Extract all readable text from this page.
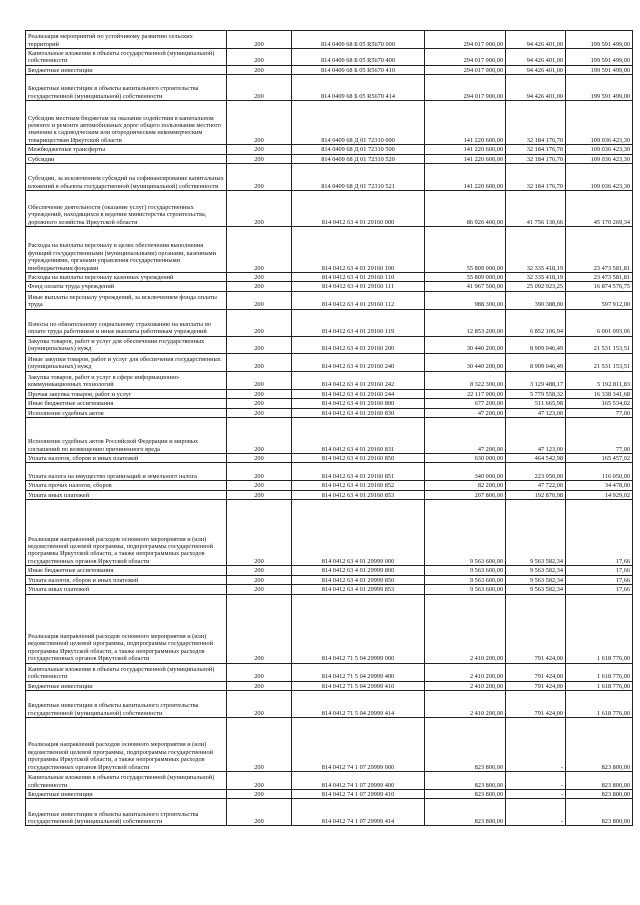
Реализация мероприятий по устойчивому развитию сельских территорий	200	814 0409 68 Б 05 R5670 000	294 017 900,00	94 426 401,00	199 591 499,00

Капитальные вложения в объекты государственной (муниципальной) собственности	200	814 0409 68 Б 05 R5670 400	294 017 900,00	94 426 401,00	199 591 499,00

Бюджетные инвестиции	200	814 0409 68 Б 05 R5670 410	294 017 900,00	94 426 401,00	199 591 499,00

Бюджетные инвестиции в объекты капитального строительства государственной (муниципальной) собственности	200	814 0409 68 Б 05 R5670 414	294 017 900,00	94 426 401,00	199 591 499,00

Субсидия местным бюджетам на оказание содействия в капитальном ремонте и ремонте автомобильных дорог общего пользования местного значения к садоводческим или огородническим некоммерческим товариществам Иркутской области	200	814 0409 68 Д 01 72310 000	141 220 600,00	32 184 176,70	109 036 423,30

Межбюджетные трансферты	200	814 0409 68 Д 01 72310 500	141 220 600,00	32 184 176,70	109 036 423,30

Субсидии	200	814 0409 68 Д 01 72310 520	141 220 600,00	32 184 176,70	109 036 423,30

Субсидии, за исключением субсидий на софинансирование капитальных вложений в объекты государственной (муниципальной) собственности	200	814 0409 68 Д 01 72310 521	141 220 600,00	32 184 176,70	109 036 423,30

Обеспечение деятельности (оказание услуг) государственных учреждений, находящихся в ведении министерства строительства, дорожного хозяйства Иркутской области	200	814 0412 63 4 01 29160 000	86 926 400,00	41 756 130,66	45 170 269,34

Расходы на выплаты персоналу в целях обеспечения выполнения функций государственными (муниципальными) органами, казенными учреждениями, органами управления государственными внебюджетными фондами	200	814 0412 63 4 01 29160 100	55 809 000,00	32 335 418,19	23 473 581,81

Расходы на выплаты персоналу казенных учреждений	200	814 0412 63 4 01 29160 110	55 809 000,00	32 335 418,19	23 473 581,81

Фонд оплаты труда учреждений	200	814 0412 63 4 01 29160 111	41 967 500,00	25 092 923,25	16 874 576,75

Иные выплаты персоналу учреждений, за исключением фонда оплаты труда	200	814 0412 63 4 01 29160 112	988 300,00	390 388,00	597 912,00

Взносы по обязательному социальному страхованию на выплаты по оплате труда работников и иные выплаты работникам учреждений	200	814 0412 63 4 01 29160 119	12 853 200,00	6 852 106,94	6 001 093,06

Закупка товаров, работ и услуг для обеспечения государственных (муниципальных) нужд	200	814 0412 63 4 01 29160 200	30 440 200,00	8 909 046,49	21 531 153,51

Иные закупки товаров, работ и услуг для обеспечения государственных (муниципальных) нужд	200	814 0412 63 4 01 29160 240	30 440 200,00	8 909 046,49	21 531 153,51

Закупка товаров, работ и услуг в сфере информационно-коммуникационных технологий	200	814 0412 63 4 01 29160 242	8 322 300,00	3 129 488,17	5 192 811,83

Прочая закупка товаров, работ и услуг	200	814 0412 63 4 01 29160 244	22 117 900,00	5 779 558,32	16 338 341,68

Иные бюджетные ассигнования	200	814 0412 63 4 01 29160 800	677 200,00	511 665,98	165 534,02

Исполнение судебных актов	200	814 0412 63 4 01 29160 830	47 200,00	47 123,00	77,00

Исполнение судебных актов Российской Федерации и мировых соглашений по возмещению причиненного вреда	200	814 0412 63 4 01 29160 831	47 200,00	47 123,00	77,00

Уплата налогов, сборов и иных платежей	200	814 0412 63 4 01 29160 850	630 000,00	464 542,98	165 457,02

Уплата налога на имущество организаций и земельного налога	200	814 0412 63 4 01 29160 851	340 000,00	223 950,00	116 050,00

Уплата прочих налогов, сборов	200	814 0412 63 4 01 29160 852	82 200,00	47 722,00	34 478,00

Уплата иных платежей	200	814 0412 63 4 01 29160 853	207 800,00	192 870,98	14 929,02

Реализация направлений расходов основного мероприятия и (или) ведомственной целевой программы, подпрограммы государственной программы Иркутской области, а также непрограммных расходов государственных органов Иркутской области	200	814 0412 63 4 01 29999 000	9 563 600,00	9 563 582,34	17,66

Иные бюджетные ассигнования	200	814 0412 63 4 01 29999 800	9 563 600,00	9 563 582,34	17,66

Уплата налогов, сборов и иных платежей	200	814 0412 63 4 01 29999 850	9 563 600,00	9 563 582,34	17,66

Уплата иных платежей	200	814 0412 63 4 01 29999 853	9 563 600,00	9 563 582,34	17,66

Реализация направлений расходов основного мероприятия и (или) ведомственной целевой программы, подпрограммы государственной программы Иркутской области, а также непрограммных расходов государственных органов Иркутской области	200	814 0412 71 5 04 29999 000	2 410 200,00	791 424,00	1 618 776,00

Капитальные вложения в объекты государственной (муниципальной) собственности	200	814 0412 71 5 04 29999 400	2 410 200,00	791 424,00	1 618 776,00

Бюджетные инвестиции	200	814 0412 71 5 04 29999 410	2 410 200,00	791 424,00	1 618 776,00

Бюджетные инвестиции в объекты капитального строительства государственной (муниципальной) собственности	200	814 0412 71 5 04 29999 414	2 410 200,00	791 424,00	1 618 776,00

Реализация направлений расходов основного мероприятия и (или) ведомственной целевой программы, подпрограммы государственной программы Иркутской области, а также непрограммных расходов государственных органов Иркутской области	200	814 0412 74 1 07 29999 000	823 800,00	-	823 800,00

Капитальные вложения в объекты государственной (муниципальной) собственности	200	814 0412 74 1 07 29999 400	823 800,00	-	823 800,00

Бюджетные инвестиции	200	814 0412 74 1 07 29999 410	823 800,00	-	823 800,00

Бюджетные инвестиции в объекты капитального строительства государственной (муниципальной) собственности	200	814 0412 74 1 07 29999 414	823 800,00	-	823 800,00
